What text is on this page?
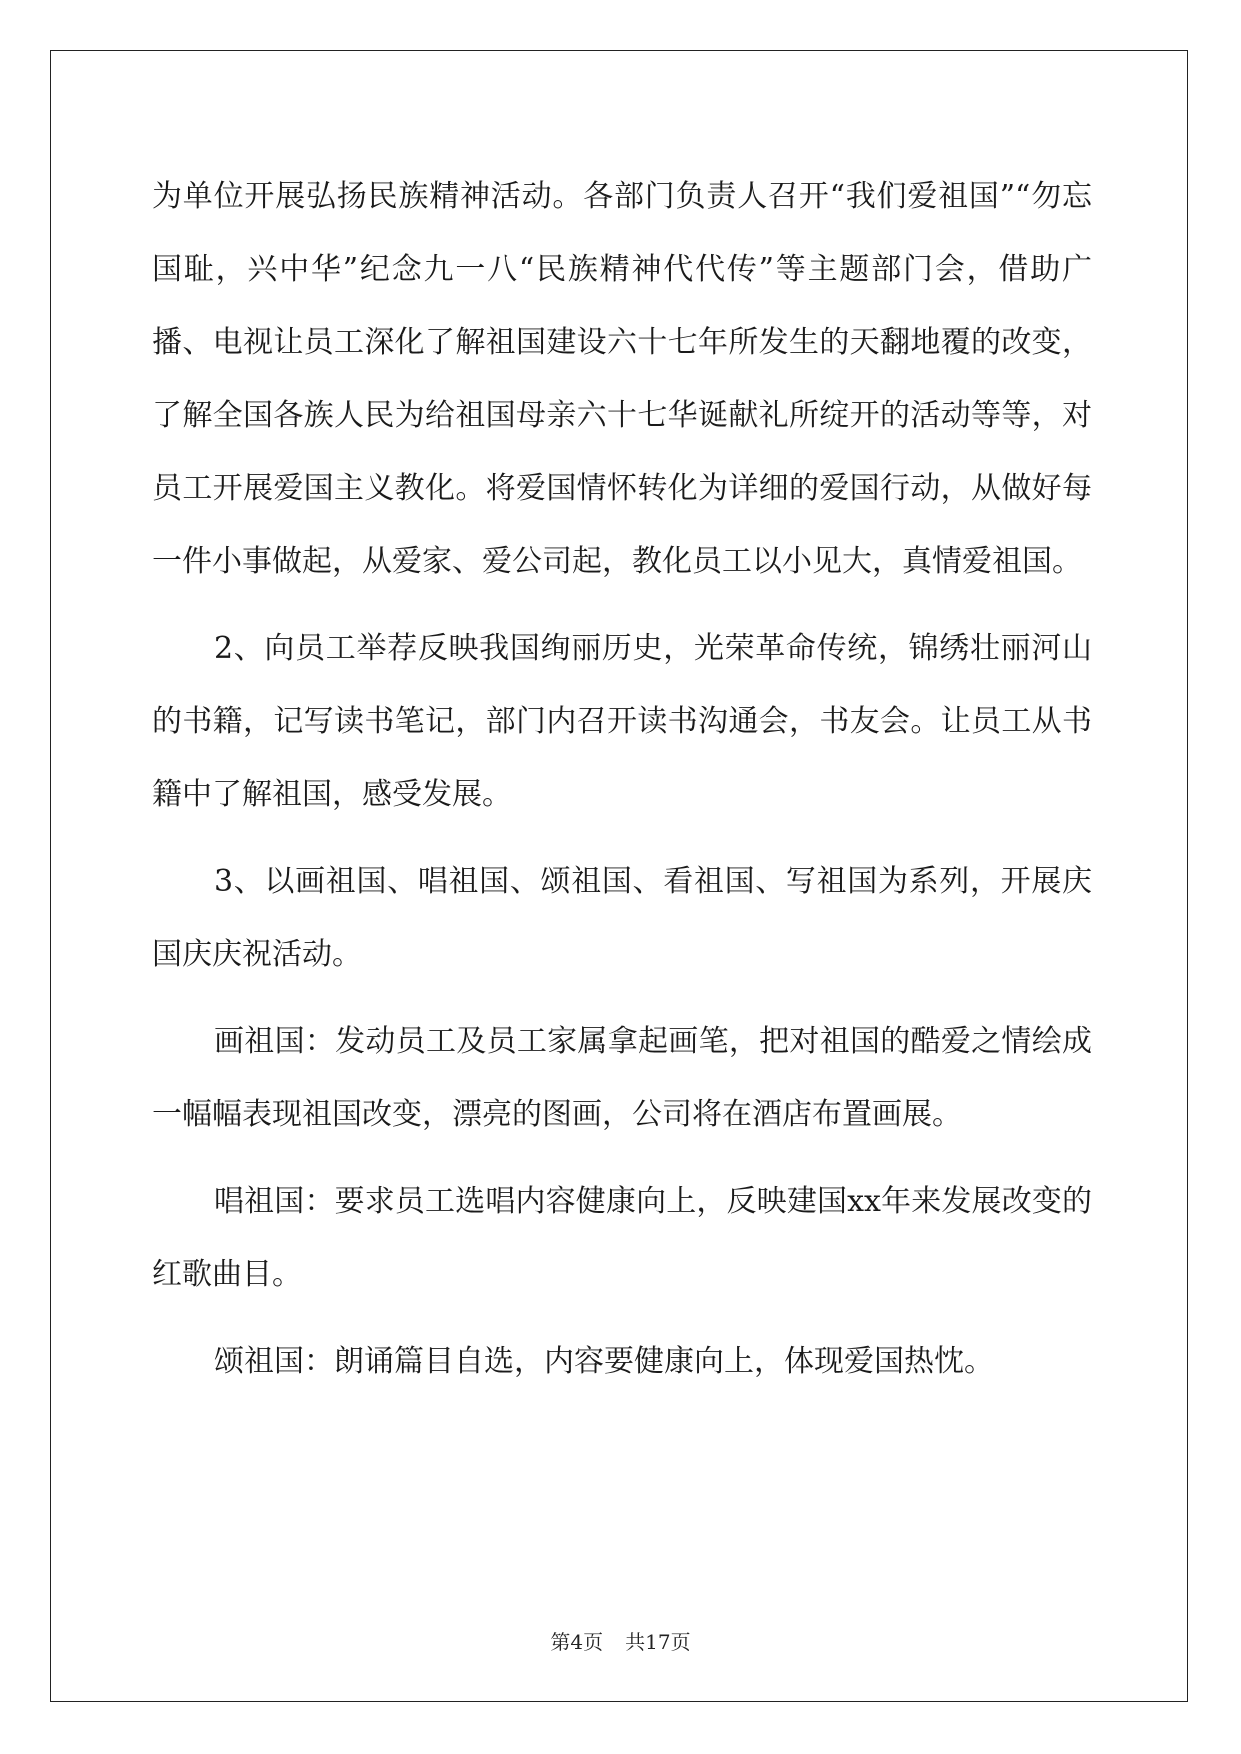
为单位开展弘扬民族精神活动。各部门负责人召开“我们爱祖国”“勿忘国耻，兴中华”纪念九一八“民族精神代代传”等主题部门会，借助广播、电视让员工深化了解祖国建设六十七年所发生的天翻地覆的改变，了解全国各族人民为给祖国母亲六十七华诞献礼所绽开的活动等等，对员工开展爱国主义教化。将爱国情怀转化为详细的爱国行动，从做好每一件小事做起，从爱家、爱公司起，教化员工以小见大，真情爱祖国。

2、向员工举荐反映我国绚丽历史，光荣革命传统，锦绣壮丽河山的书籍，记写读书笔记，部门内召开读书沟通会，书友会。让员工从书籍中了解祖国，感受发展。

3、以画祖国、唱祖国、颂祖国、看祖国、写祖国为系列，开展庆国庆庆祝活动。

画祖国：发动员工及员工家属拿起画笔，把对祖国的酷爱之情绘成一幅幅表现祖国改变，漂亮的图画，公司将在酒店布置画展。

唱祖国：要求员工选唱内容健康向上，反映建国xx年来发展改变的红歌曲目。

颂祖国：朗诵篇目自选，内容要健康向上，体现爱国热忱。

第4页 共17页
